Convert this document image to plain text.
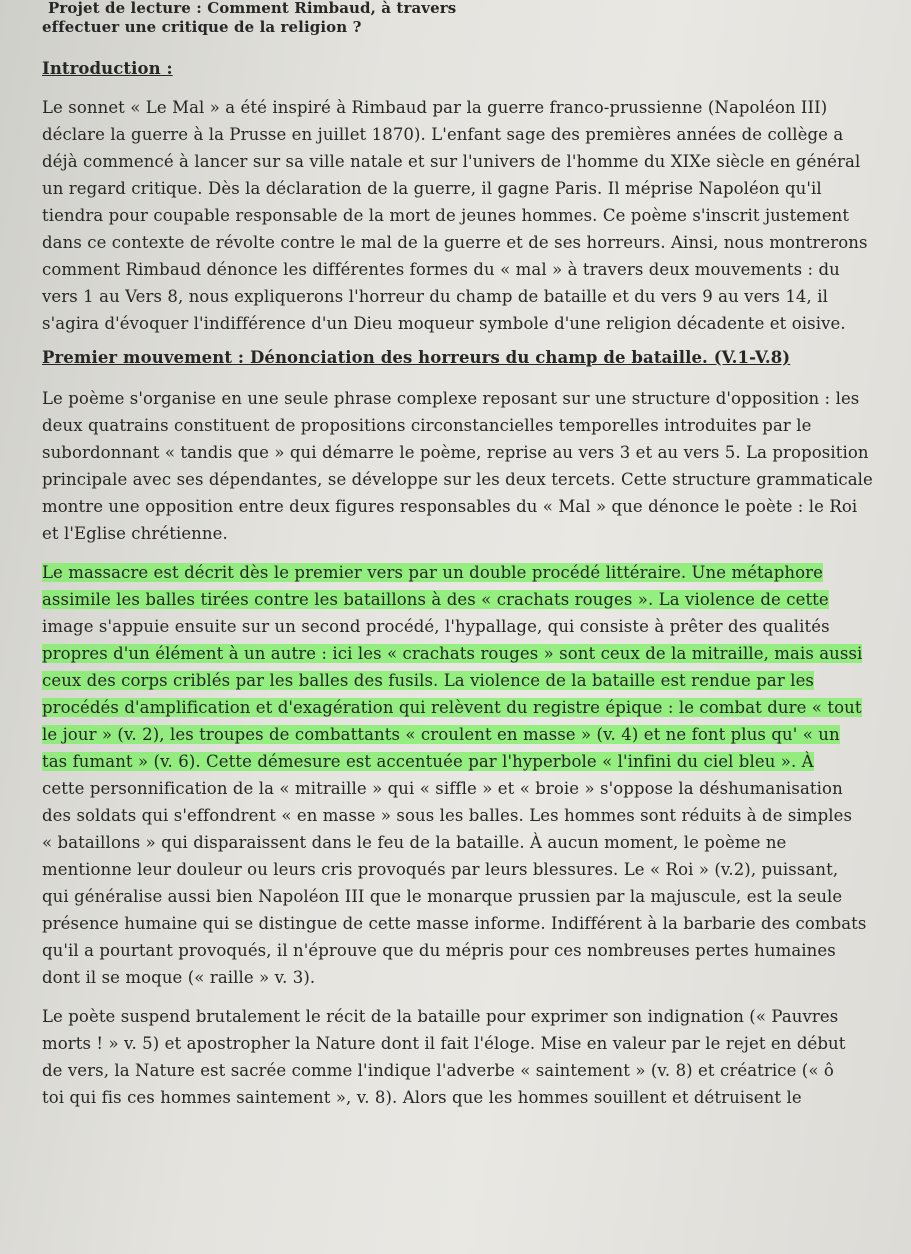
Projet de lecture : Comment Rimbaud, à travers
effectuer une critique de la religion ?
Introduction :
Le sonnet « Le Mal » a été inspiré à Rimbaud par la guerre franco-prussienne (Napoléon III)
déclare la guerre à la Prusse en juillet 1870). L'enfant sage des premières années de collège a
déjà commencé à lancer sur sa ville natale et sur l'univers de l'homme du XIXe siècle en général
un regard critique. Dès la déclaration de la guerre, il gagne Paris. Il méprise Napoléon qu'il
tiendra pour coupable responsable de la mort de jeunes hommes. Ce poème s'inscrit justement
dans ce contexte de révolte contre le mal de la guerre et de ses horreurs. Ainsi, nous montrerons
comment Rimbaud dénonce les différentes formes du « mal » à travers deux mouvements : du
vers 1 au Vers 8, nous expliquerons l'horreur du champ de bataille et du vers 9 au vers 14, il
s'agira d'évoquer l'indifférence d'un Dieu moqueur symbole d'une religion décadente et oisive.
Premier mouvement : Dénonciation des horreurs du champ de bataille. (V.1-V.8)
Le poème s'organise en une seule phrase complexe reposant sur une structure d'opposition : les
deux quatrains constituent de propositions circonstancielles temporelles introduites par le
subordonnant « tandis que » qui démarre le poème, reprise au vers 3 et au vers 5. La proposition
principale avec ses dépendantes, se développe sur les deux tercets. Cette structure grammaticale
montre une opposition entre deux figures responsables du « Mal » que dénonce le poète : le Roi
et l'Eglise chrétienne.
Le massacre est décrit dès le premier vers par un double procédé littéraire. Une métaphore
assimile les balles tirées contre les bataillons à des « crachats rouges ». La violence de cette
image s'appuie ensuite sur un second procédé, l'hypallage, qui consiste à prêter des qualités
propres d'un élément à un autre : ici les « crachats rouges » sont ceux de la mitraille, mais aussi
ceux des corps criblés par les balles des fusils. La violence de la bataille est rendue par les
procédés d'amplification et d'exagération qui relèvent du registre épique : le combat dure « tout
le jour » (v. 2), les troupes de combattants « croulent en masse » (v. 4) et ne font plus qu' « un
tas fumant » (v. 6). Cette démesure est accentuée par l'hyperbole « l'infini du ciel bleu ». À
cette personnification de la « mitraille » qui « siffle » et « broie » s'oppose la déshumanisation
des soldats qui s'effondrent « en masse » sous les balles. Les hommes sont réduits à de simples
« bataillons » qui disparaissent dans le feu de la bataille. À aucun moment, le poème ne
mentionne leur douleur ou leurs cris provoqués par leurs blessures. Le « Roi » (v.2), puissant,
qui généralise aussi bien Napoléon III que le monarque prussien par la majuscule, est la seule
présence humaine qui se distingue de cette masse informe. Indifférent à la barbarie des combats
qu'il a pourtant provoqués, il n'éprouve que du mépris pour ces nombreuses pertes humaines
dont il se moque (« raille » v. 3).
Le poète suspend brutalement le récit de la bataille pour exprimer son indignation (« Pauvres
morts ! » v. 5) et apostropher la Nature dont il fait l'éloge. Mise en valeur par le rejet en début
de vers, la Nature est sacrée comme l'indique l'adverbe « saintement » (v. 8) et créatrice (« ô
toi qui fis ces hommes saintement », v. 8). Alors que les hommes souillent et détruisent le
